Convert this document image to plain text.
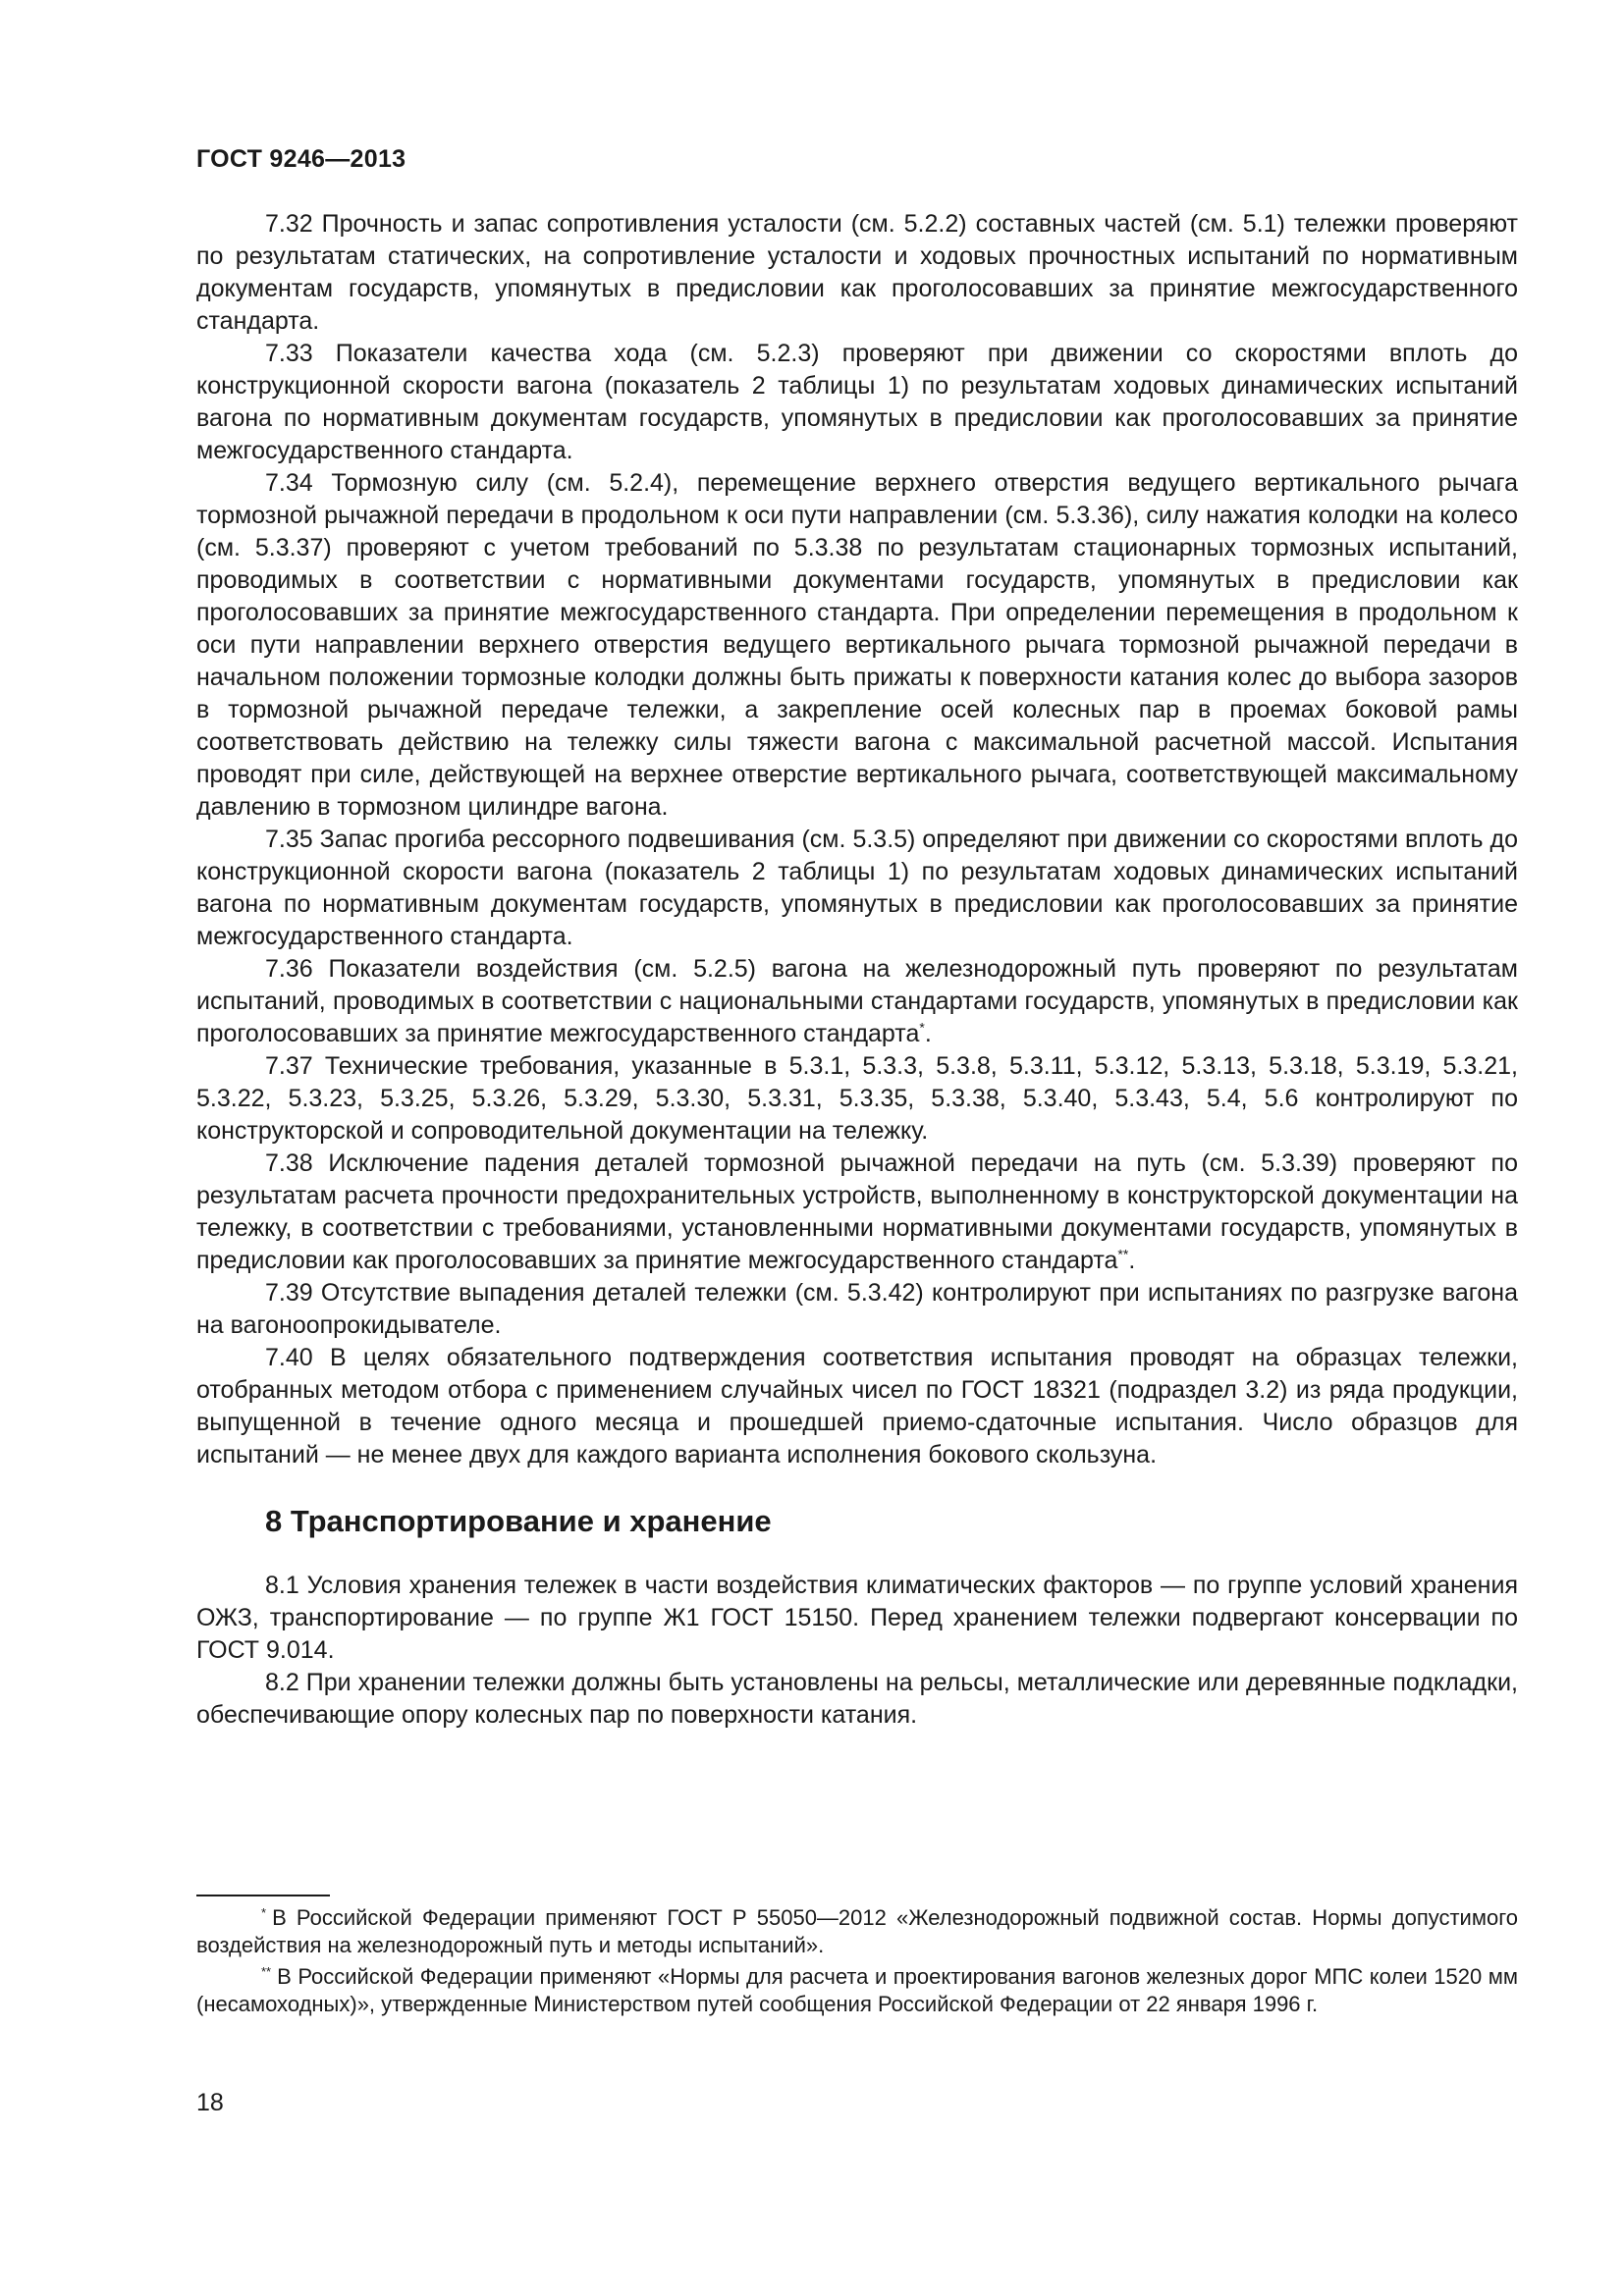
ГОСТ 9246—2013

7.32 Прочность и запас сопротивления усталости (см. 5.2.2) составных частей (см. 5.1) тележки проверяют по результатам статических, на сопротивление усталости и ходовых прочностных испытаний по нормативным документам государств, упомянутых в предисловии как проголосовавших за принятие межгосударственного стандарта.

7.33 Показатели качества хода (см. 5.2.3) проверяют при движении со скоростями вплоть до конструкционной скорости вагона (показатель 2 таблицы 1) по результатам ходовых динамических испытаний вагона по нормативным документам государств, упомянутых в предисловии как проголосовавших за принятие межгосударственного стандарта.

7.34 Тормозную силу (см. 5.2.4), перемещение верхнего отверстия ведущего вертикального рычага тормозной рычажной передачи в продольном к оси пути направлении (см. 5.3.36), силу нажатия колодки на колесо (см. 5.3.37) проверяют с учетом требований по 5.3.38 по результатам стационарных тормозных испытаний, проводимых в соответствии с нормативными документами государств, упомянутых в предисловии как проголосовавших за принятие межгосударственного стандарта. При определении перемещения в продольном к оси пути направлении верхнего отверстия ведущего вертикального рычага тормозной рычажной передачи в начальном положении тормозные колодки должны быть прижаты к поверхности катания колес до выбора зазоров в тормозной рычажной передаче тележки, а закрепление осей колесных пар в проемах боковой рамы соответствовать действию на тележку силы тяжести вагона с максимальной расчетной массой. Испытания проводят при силе, действующей на верхнее отверстие вертикального рычага, соответствующей максимальному давлению в тормозном цилиндре вагона.

7.35 Запас прогиба рессорного подвешивания (см. 5.3.5) определяют при движении со скоростями вплоть до конструкционной скорости вагона (показатель 2 таблицы 1) по результатам ходовых динамических испытаний вагона по нормативным документам государств, упомянутых в предисловии как проголосовавших за принятие межгосударственного стандарта.

7.36 Показатели воздействия (см. 5.2.5) вагона на железнодорожный путь проверяют по результатам испытаний, проводимых в соответствии с национальными стандартами государств, упомянутых в предисловии как проголосовавших за принятие межгосударственного стандарта*.

7.37 Технические требования, указанные в 5.3.1, 5.3.3, 5.3.8, 5.3.11, 5.3.12, 5.3.13, 5.3.18, 5.3.19, 5.3.21, 5.3.22, 5.3.23, 5.3.25, 5.3.26, 5.3.29, 5.3.30, 5.3.31, 5.3.35, 5.3.38, 5.3.40, 5.3.43, 5.4, 5.6 контролируют по конструкторской и сопроводительной документации на тележку.

7.38 Исключение падения деталей тормозной рычажной передачи на путь (см. 5.3.39) проверяют по результатам расчета прочности предохранительных устройств, выполненному в конструкторской документации на тележку, в соответствии с требованиями, установленными нормативными документами государств, упомянутых в предисловии как проголосовавших за принятие межгосударственного стандарта**.

7.39 Отсутствие выпадения деталей тележки (см. 5.3.42) контролируют при испытаниях по разгрузке вагона на вагоноопрокидывателе.

7.40 В целях обязательного подтверждения соответствия испытания проводят на образцах тележки, отобранных методом отбора с применением случайных чисел по ГОСТ 18321 (подраздел 3.2) из ряда продукции, выпущенной в течение одного месяца и прошедшей приемо-сдаточные испытания. Число образцов для испытаний — не менее двух для каждого варианта исполнения бокового скользуна.

8 Транспортирование и хранение

8.1 Условия хранения тележек в части воздействия климатических факторов — по группе условий хранения ОЖЗ, транспортирование — по группе Ж1 ГОСТ 15150. Перед хранением тележки подвергают консервации по ГОСТ 9.014.

8.2 При хранении тележки должны быть установлены на рельсы, металлические или деревянные подкладки, обеспечивающие опору колесных пар по поверхности катания.

* В Российской Федерации применяют ГОСТ Р 55050—2012 «Железнодорожный подвижной состав. Нормы допустимого воздействия на железнодорожный путь и методы испытаний».

** В Российской Федерации применяют «Нормы для расчета и проектирования вагонов железных дорог МПС колеи 1520 мм (несамоходных)», утвержденные Министерством путей сообщения Российской Федерации от 22 января 1996 г.

18
